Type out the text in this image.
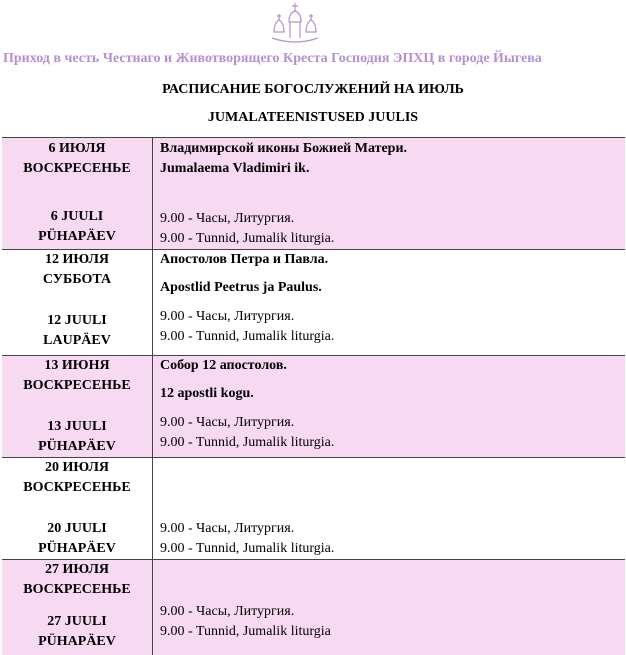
Приход в честь Честнаго и Животворящего Креста Господня ЭПХЦ в городе Йыгева
РАСПИСАНИЕ БОГОСЛУЖЕНИЙ НА ИЮЛЬ
JUMALATEENISTUSED JUULIS
6 ИЮЛЯ
ВОСКРЕСЕНЬЕ
6 JUULI
PÜHAPÄEV
Владимирской иконы Божией Матери.
Jumalaema Vladimiri ik.
9.00 - Часы, Литургия.
9.00 - Tunnid, Jumalik liturgia.
12 ИЮЛЯ
СУББОТА
12 JUULI
LAUPÄEV
Апостолов Петра и Павла.
Apostlid Peetrus ja Paulus.
9.00 - Часы, Литургия.
9.00 - Tunnid, Jumalik liturgia.
13 ИЮНЯ
ВОСКРЕСЕНЬЕ
13 JUULI
PÜHAPÄEV
Собор 12 апостолов.
12 apostli kogu.
9.00 - Часы, Литургия.
9.00 - Tunnid, Jumalik liturgia.
20 ИЮЛЯ
ВОСКРЕСЕНЬЕ
20 JUULI
PÜHAPÄEV
9.00 - Часы, Литургия.
9.00 - Tunnid, Jumalik liturgia.
27 ИЮЛЯ
ВОСКРЕСЕНЬЕ
27 JUULI
PÜHAPÄEV
9.00 - Часы, Литургия.
9.00 - Tunnid, Jumalik liturgia
